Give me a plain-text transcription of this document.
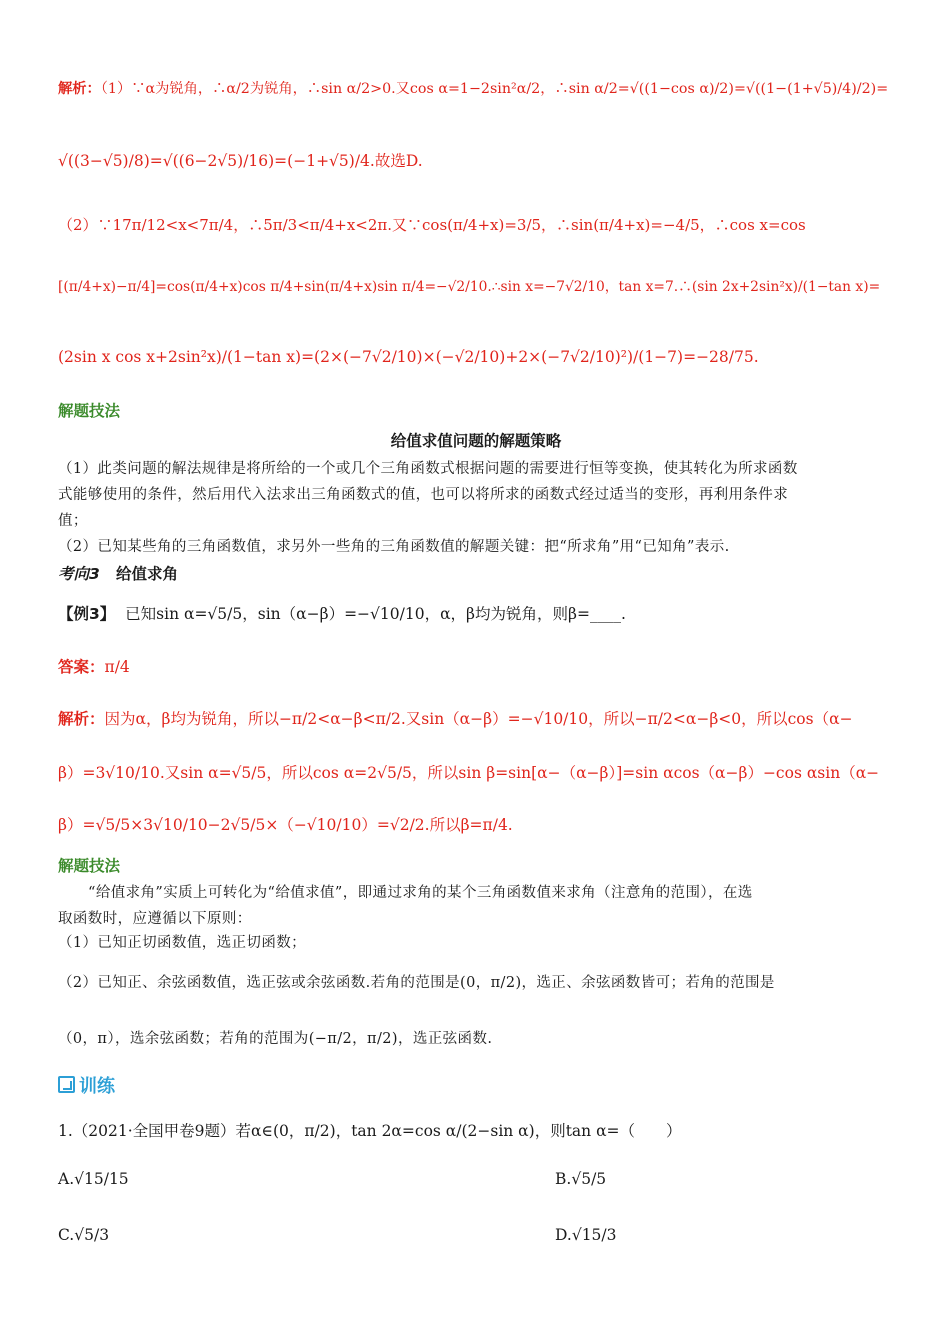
解析：（1）∵α为锐角，∴α/2为锐角，∴sin α/2>0.又cos α=1−2sin²α/2，∴sin α/2=√((1−cos α)/2)=√((1−(1+√5)/4)/2)=
√((3−√5)/8)=√((6−2√5)/16)=(−1+√5)/4.故选D.
（2）∵17π/12<x<7π/4，∴5π/3<π/4+x<2π.又∵cos(π/4+x)=3/5，∴sin(π/4+x)=−4/5，∴cos x=cos
[(π/4+x)−π/4]=cos(π/4+x)cos π/4+sin(π/4+x)sin π/4=−√2/10.∴sin x=−7√2/10，tan x=7.∴(sin 2x+2sin²x)/(1−tan x)=
(2sin x cos x+2sin²x)/(1−tan x)=(2×(−7√2/10)×(−√2/10)+2×(−7√2/10)²)/(1−7)=−28/75.
解题技法
给值求值问题的解题策略
（1）此类问题的解法规律是将所给的一个或几个三角函数式根据问题的需要进行恒等变换，使其转化为所求函数
式能够使用的条件，然后用代入法求出三角函数式的值，也可以将所求的函数式经过适当的变形，再利用条件求
值；
（2）已知某些角的三角函数值，求另外一些角的三角函数值的解题关键：把“所求角”用“已知角”表示.
考向3 给值求角
【例3】 已知sin α=√5/5，sin（α−β）=−√10/10，α，β均为锐角，则β=____.
答案：π/4
解析：因为α，β均为锐角，所以−π/2<α−β<π/2.又sin（α−β）=−√10/10，所以−π/2<α−β<0，所以cos（α−
β）=3√10/10.又sin α=√5/5，所以cos α=2√5/5，所以sin β=sin[α−（α−β）]=sin αcos（α−β）−cos αsin（α−
β）=√5/5×3√10/10−2√5/5×（−√10/10）=√2/2.所以β=π/4.
解题技法
“给值求角”实质上可转化为“给值求值”，即通过求角的某个三角函数值来求角（注意角的范围），在选
取函数时，应遵循以下原则：
（1）已知正切函数值，选正切函数；
（2）已知正、余弦函数值，选正弦或余弦函数.若角的范围是(0，π/2)，选正、余弦函数皆可；若角的范围是
（0，π），选余弦函数；若角的范围为(−π/2，π/2)，选正弦函数.
训练
1.（2021·全国甲卷9题）若α∈(0，π/2)，tan 2α=cos α/(2−sin α)，则tan α=（　　）
A.√15/15	B.√5/5
C.√5/3	D.√15/3
